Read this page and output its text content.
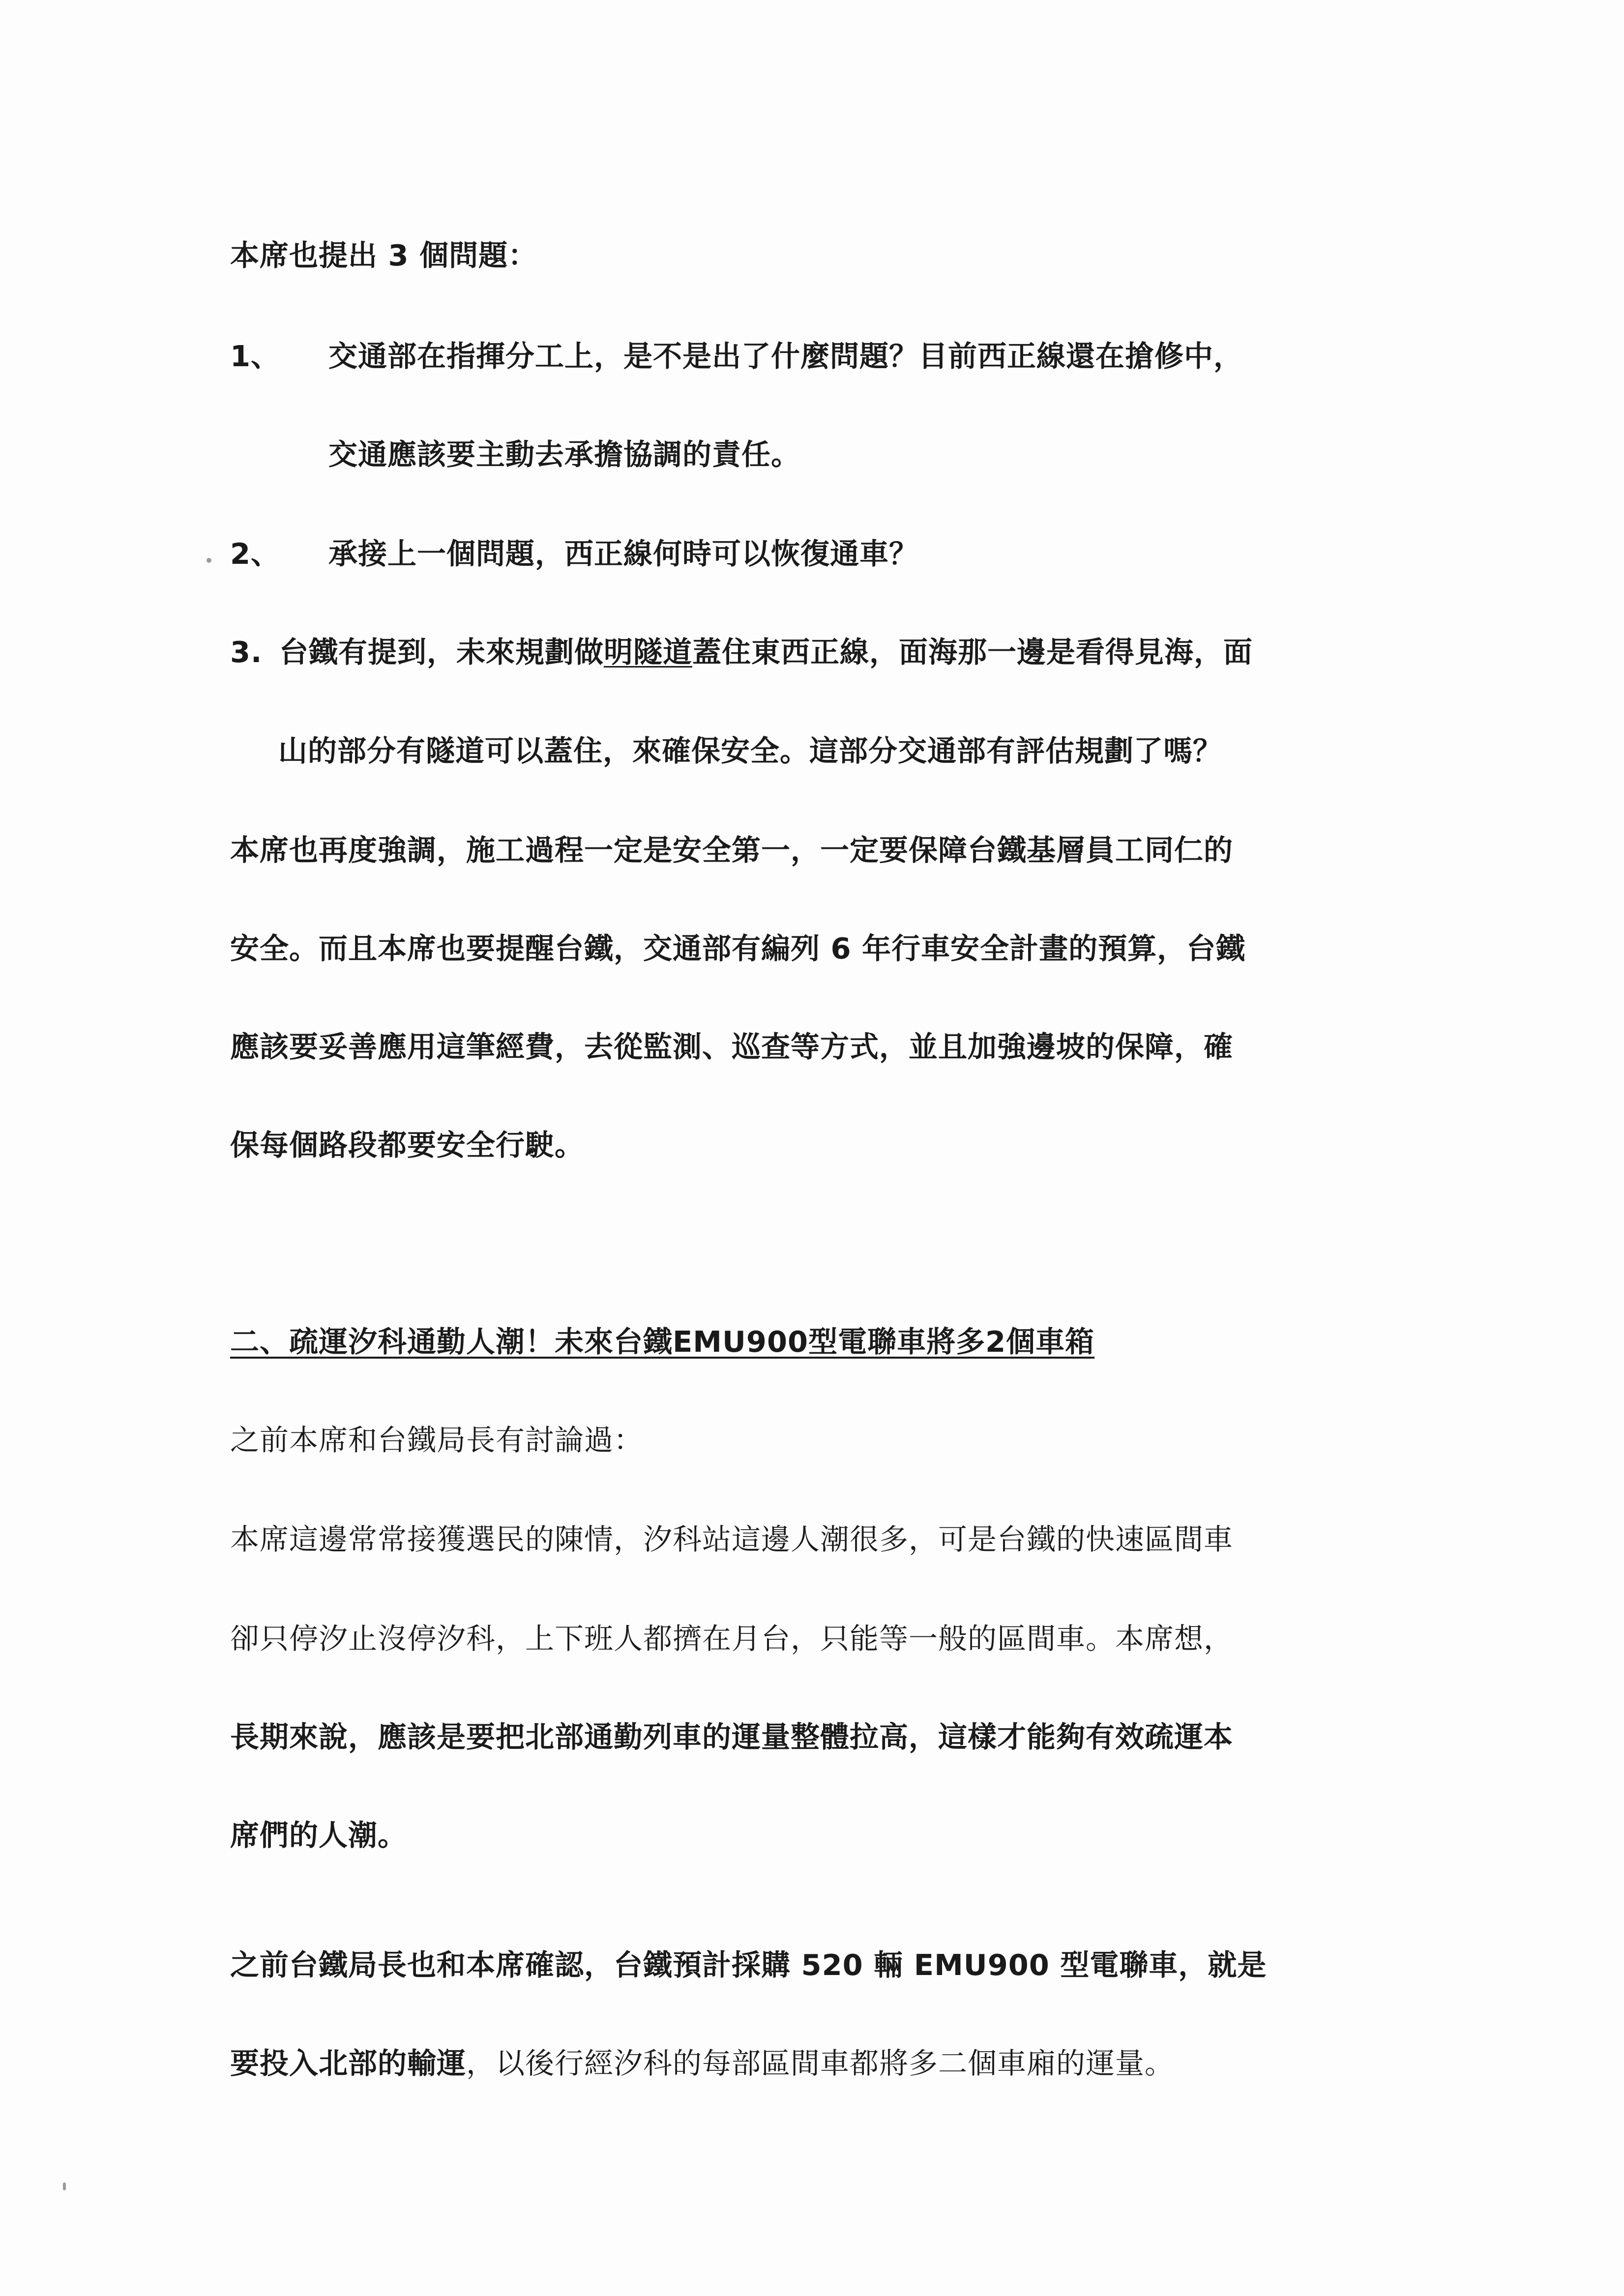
本席也提出 3 個問題：

1、 交通部在指揮分工上，是不是出了什麼問題？目前西正線還在搶修中，

交通應該要主動去承擔協調的責任。

2、 承接上一個問題，西正線何時可以恢復通車？

3. 台鐵有提到，未來規劃做明隧道蓋住東西正線，面海那一邊是看得見海，面

山的部分有隧道可以蓋住，來確保安全。這部分交通部有評估規劃了嗎？

本席也再度強調，施工過程一定是安全第一，一定要保障台鐵基層員工同仁的

安全。而且本席也要提醒台鐵，交通部有編列 6 年行車安全計畫的預算，台鐵

應該要妥善應用這筆經費，去從監測、巡查等方式，並且加強邊坡的保障，確

保每個路段都要安全行駛。

二、疏運汐科通勤人潮！未來台鐵EMU900型電聯車將多2個車箱

之前本席和台鐵局長有討論過：

本席這邊常常接獲選民的陳情，汐科站這邊人潮很多，可是台鐵的快速區間車

卻只停汐止沒停汐科，上下班人都擠在月台，只能等一般的區間車。本席想，

長期來說，應該是要把北部通勤列車的運量整體拉高，這樣才能夠有效疏運本

席們的人潮。

之前台鐵局長也和本席確認，台鐵預計採購 520 輛 EMU900 型電聯車，就是

要投入北部的輸運，以後行經汐科的每部區間車都將多二個車廂的運量。
